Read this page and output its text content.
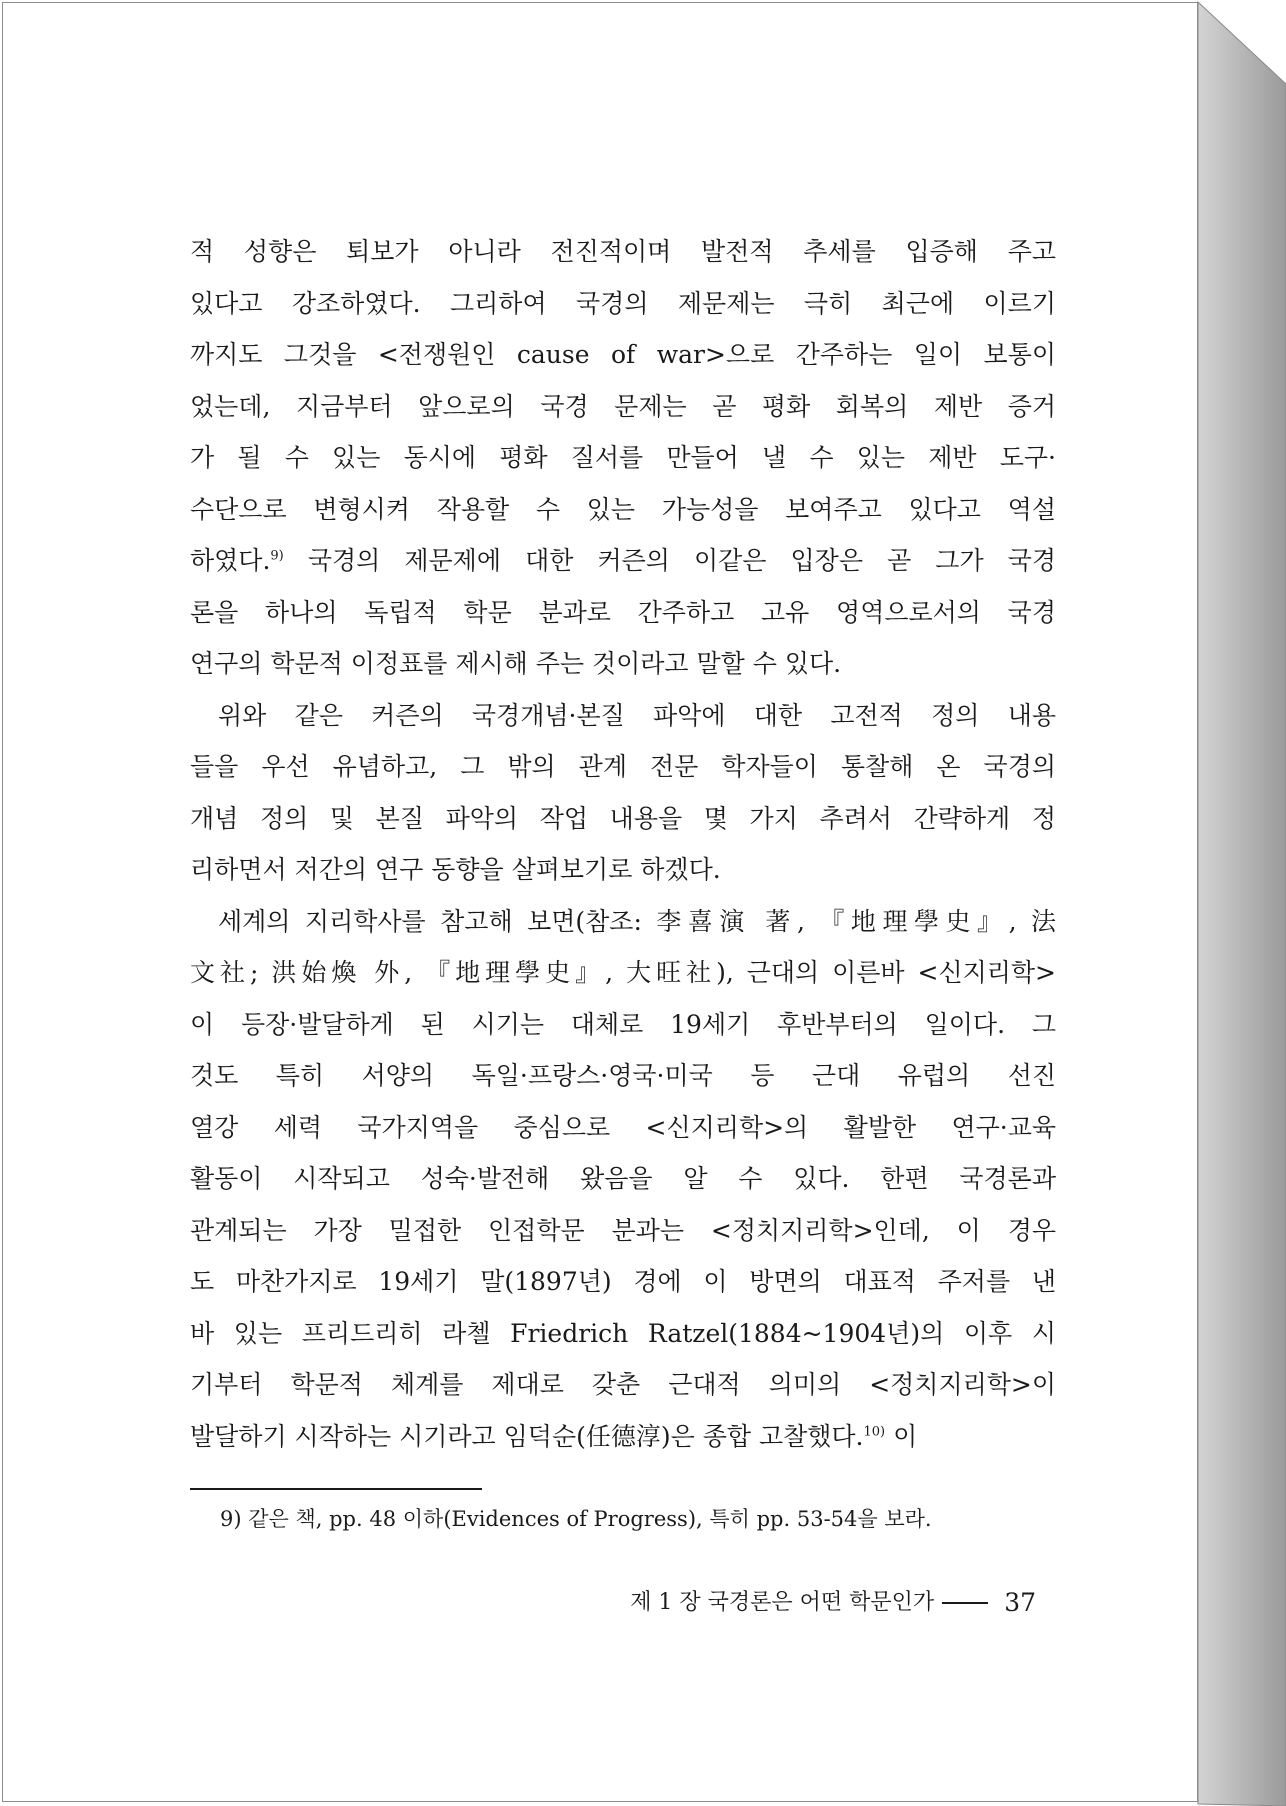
적 성향은 퇴보가 아니라 전진적이며 발전적 추세를 입증해 주고
있다고 강조하였다. 그리하여 국경의 제문제는 극히 최근에 이르기
까지도 그것을 <전쟁원인 cause of war>으로 간주하는 일이 보통이
었는데, 지금부터 앞으로의 국경 문제는 곧 평화 회복의 제반 증거
가 될 수 있는 동시에 평화 질서를 만들어 낼 수 있는 제반 도구·
수단으로 변형시켜 작용할 수 있는 가능성을 보여주고 있다고 역설
하였다.$^{9)}$ 국경의 제문제에 대한 커즌의 이같은 입장은 곧 그가 국경
론을 하나의 독립적 학문 분과로 간주하고 고유 영역으로서의 국경
연구의 학문적 이정표를 제시해 주는 것이라고 말할 수 있다.
위와 같은 커즌의 국경개념·본질 파악에 대한 고전적 정의 내용
들을 우선 유념하고, 그 밖의 관계 전문 학자들이 통찰해 온 국경의
개념 정의 및 본질 파악의 작업 내용을 몇 가지 추려서 간략하게 정
리하면서 저간의 연구 동향을 살펴보기로 하겠다.
세계의 지리학사를 참고해 보면(참조: 李喜演 著, 『地理學史』, 法
文社; 洪始煥 外, 『地理學史』, 大旺社), 근대의 이른바 <신지리학>
이 등장·발달하게 된 시기는 대체로 19세기 후반부터의 일이다. 그
것도 특히 서양의 독일·프랑스·영국·미국 등 근대 유럽의 선진
열강 세력 국가지역을 중심으로 <신지리학>의 활발한 연구·교육
활동이 시작되고 성숙·발전해 왔음을 알 수 있다. 한편 국경론과
관계되는 가장 밀접한 인접학문 분과는 <정치지리학>인데, 이 경우
도 마찬가지로 19세기 말(1897년) 경에 이 방면의 대표적 주저를 낸
바 있는 프리드리히 라첼 Friedrich Ratzel(1884~1904년)의 이후 시
기부터 학문적 체계를 제대로 갖춘 근대적 의미의 <정치지리학>이
발달하기 시작하는 시기라고 임덕순(任德淳)은 종합 고찰했다.$^{10)}$ 이
9) 같은 책, pp. 48 이하(Evidences of Progress), 특히 pp. 53-54을 보라.
제 1 장 국경론은 어떤 학문인가	37
